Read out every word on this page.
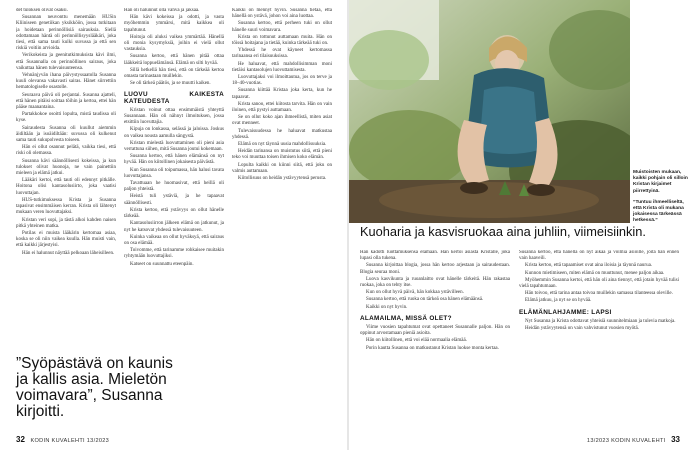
det tuloksen olivat osaksi.

Susannan neuvonttu menemään HUSin Kliiniseen genetiikan yksikköön, jossa tutkitaan ja hoidetaan perinnöllisiä sairauksia. Siellä odottamaan häntä oli perinnöllisyyslääkäri, joka tiesi, että sama tauti kulki suvussa ja että sen riskiä voitiin arvioida.

Verikokeista ja geenitutkimuksista kävi ilmi, että Susannalla on perinnöllinen sairaus, joka vaikuttaa hänen tulevaisuuteensa.

Vehnänjyvän ihana päivystyssaatolla Susanna kuuli olevansa vakavasti sairas. Hänet siirrettiin hematologiselle osastolle.

Seuraava päivä oli perjantai. Susanna ajatteli, että hänen pitäisi soittaa töihin ja kertoa, ettei hän pääse maanantaina.

Partakkokoe osoitti lopulta, mistä taudissa oli kyse.

Sairaudesta Susanna oli kuullut aiemmin äidiltään ja isoäidiltään: suvussa oli kulkenut sama tauti sukupolvesta toiseen.

Hän ei ollut osannut pelätä, vaikka tiesi, että riski oli olemassa.

Susanna kävi säännöllisesti kokeissa, ja kun tulokset olivat huonoja, ne vain painettiin mieleen ja elämä jatkui.

Lääkäri kertoi, että tauti oli edennyt pitkälle. Hoitona olisi kantasolusiirto, joka vaatisi luovuttajan.

HUS-tutkimuksessa Krista ja Susanna tapasivat ensimmäisen kerran. Krista oli lähtenyt mukaan veren luovuttajaksi.

Kristan veri sopi, ja tästä alkoi kahden naisen pitkä yhteinen matka.

Potilas ei muista lääkärin kertomaa asiaa, koska se oli niin vaikea kuulla. Hän muisti vain, että kaikki järjestyisi.

Hän ei halunnut näyttää pelkoaan läheisilleen.

Hän oli halunnut olla vahva ja jaksaa.

Hän kävi kokeissa ja odotti, ja vasta myöhemmin ymmärsi, mitä kaikkea oli tapahtunut.

Hoitoja oli aluksi vaikea ymmärtää. Hänellä oli monia kysymyksiä, joihin ei vielä ollut vastauksia.

Susanna kertoo, että hänen pitää ottaa lääkkeitä loppuelämänsä. Elämä on silti hyvää.

Sillä hetkellä hän tiesi, että on tärkeää kertoa omasta tarinastaan muillekin.

Se oli tärkeä päätös, ja se muutti kaiken.

LUOVU KAIKESTA KATEUDESTA

Kristan voinut ottaa ensimmäistä yhteyttä Susannaan. Hän oli nähnyt ilmoituksen, jossa etsittiin luovuttajia.

Kipuja on lonkassa, selässä ja jaloissa. Joskus on vaikea nousta aamulla sängystä.

Kristan mielestä luovuttaminen oli pieni asia verrattuna siihen, mitä Susanna joutui kokemaan.

Susanna kertoo, että hänen elämänsä on nyt hyvää. Hän on kiitollinen jokaisesta päivästä.

Kun Susanna oli toipumassa, hän halusi tavata luovuttajansa.

Tavattuaan he huomasivat, että heillä oli paljon yhteistä.

Heistä tuli ystäviä, ja he tapaavat säännöllisesti.

Krista kertoo, että ystävyys on ollut hänelle tärkeää.

Kantasolusiirron jälkeen elämä on jatkunut, ja nyt he katsovat yhdessä tulevaisuuteen.

Kuinka vaikeaa on ollut hyväksyä, että sairaus on osa elämää.

Toivomme, että tarinamme rohkaisee muitakin ryhtymään luovuttajiksi.

Katseet on suunnattu eteenpäin.

Kaikki on mennyt hyvin. Susanna tietää, että hänellä on ystävä, johon voi aina luottaa.

Susanna kertoo, että perheen tuki on ollut hänelle suuri voimavara.

Krista on tottunut auttamaan muita. Hän on töissä hoitajana ja tietää, kuinka tärkeää tuki on.

Yhdessä he ovat käyneet kertomassa tarinaansa eri tilaisuuksissa.

He haluavat, että mahdollisimman moni tietäisi kantasolujen luovuttamisesta.

Luovuttajaksi voi ilmoittautua, jos on terve ja 18–40-vuotias.

Susanna kiittää Kristaa joka kerta, kun he tapaavat.

Krista sanoo, ettei kiitosta tarvita. Hän on vain iloinen, että pystyi auttamaan.

Se on ollut koko ajan ihmeellistä, miten asiat ovat menneet.

Tulevaisuudessa he haluavat matkustaa yhdessä.

Elämä on nyt täynnä uusia mahdollisuuksia.

Heidän tarinansa on muistutus siitä, että pieni teko voi muuttaa toisen ihmisen koko elämän.

Lopulta kaikki on kiinni siitä, että joku on valmis auttamaan.

Kiitollisuus on heidän ystävyytensä perusta.

”Syöpästävä on kaunis ja kallis asia. Mieletön voimavara”, Susanna kirjoitti.
32 KODIN KUVALEHTI 13/2023

Muistoisten mukaan, kaikki pohjain oli silloin Kristan kirjaimet piirrettyinä.

”Tuntuu ihmeelliseltä, että Krista oli mukana jokaisessa tärkeässä hetkessä.”

Kuoharia ja kasvisruokaa aina juhliin, viimeisiinkin.

Hän kadotti luottamuksensa elämään. Hän kertoi asiasta Kristalle, joka lupasi olla tukena.

Susanna kirjoittaa blogia, jossa hän kertoo arjestaan ja sairaudestaan. Blogia seuraa moni.

Luova kasvikunta ja ruoanlaitto ovat hänelle tärkeitä. Hän rakastaa ruokaa, joka on tehty itse.

Kun on ollut hyvä päivä, hän kokkaa ystävilleen.

Susanna kertoo, että ruoka on tärkeä osa hänen elämäänsä.

Kaikki on nyt hyvin.

ALAMAILMA, MISSÄ OLET?

Viime vuosien tapahtumat ovat opettaneet Susannalle paljon. Hän on oppinut arvostamaan pieniä asioita.

Hän on kiitollinen, että voi elää normaalia elämää.

Porin kautta Susanna on matkustanut Kristan luokse monta kertaa.

Susanna kertoo, että hänellä on nyt aikaa ja voimia asioille, joita hän ennen vain haaveili.

Krista kertoo, että tapaamiset ovat aina iloisia ja täynnä naurua.

Kunnon mietimiseen, miten elämä on muuttunut, menee paljon aikaa.

Myöhemmin Susanna kertoi, että hän oli aina tiennyt, että jotain hyvää tulisi vielä tapahtumaan.

Hän toivoo, että tarina antaa toivoa muillekin samassa tilanteessa oleville.

Elämä jatkuu, ja nyt se on hyvää.

ELÄMÄNLAHJAMME: LAPSI

Nyt Susanna ja Krista odottavat yhteisiä suunnitelmiaan ja tulevia matkoja.

Heidän ystävyytensä on vain vahvistunut vuosien myötä.

13/2023 KODIN KUVALEHTI 33
